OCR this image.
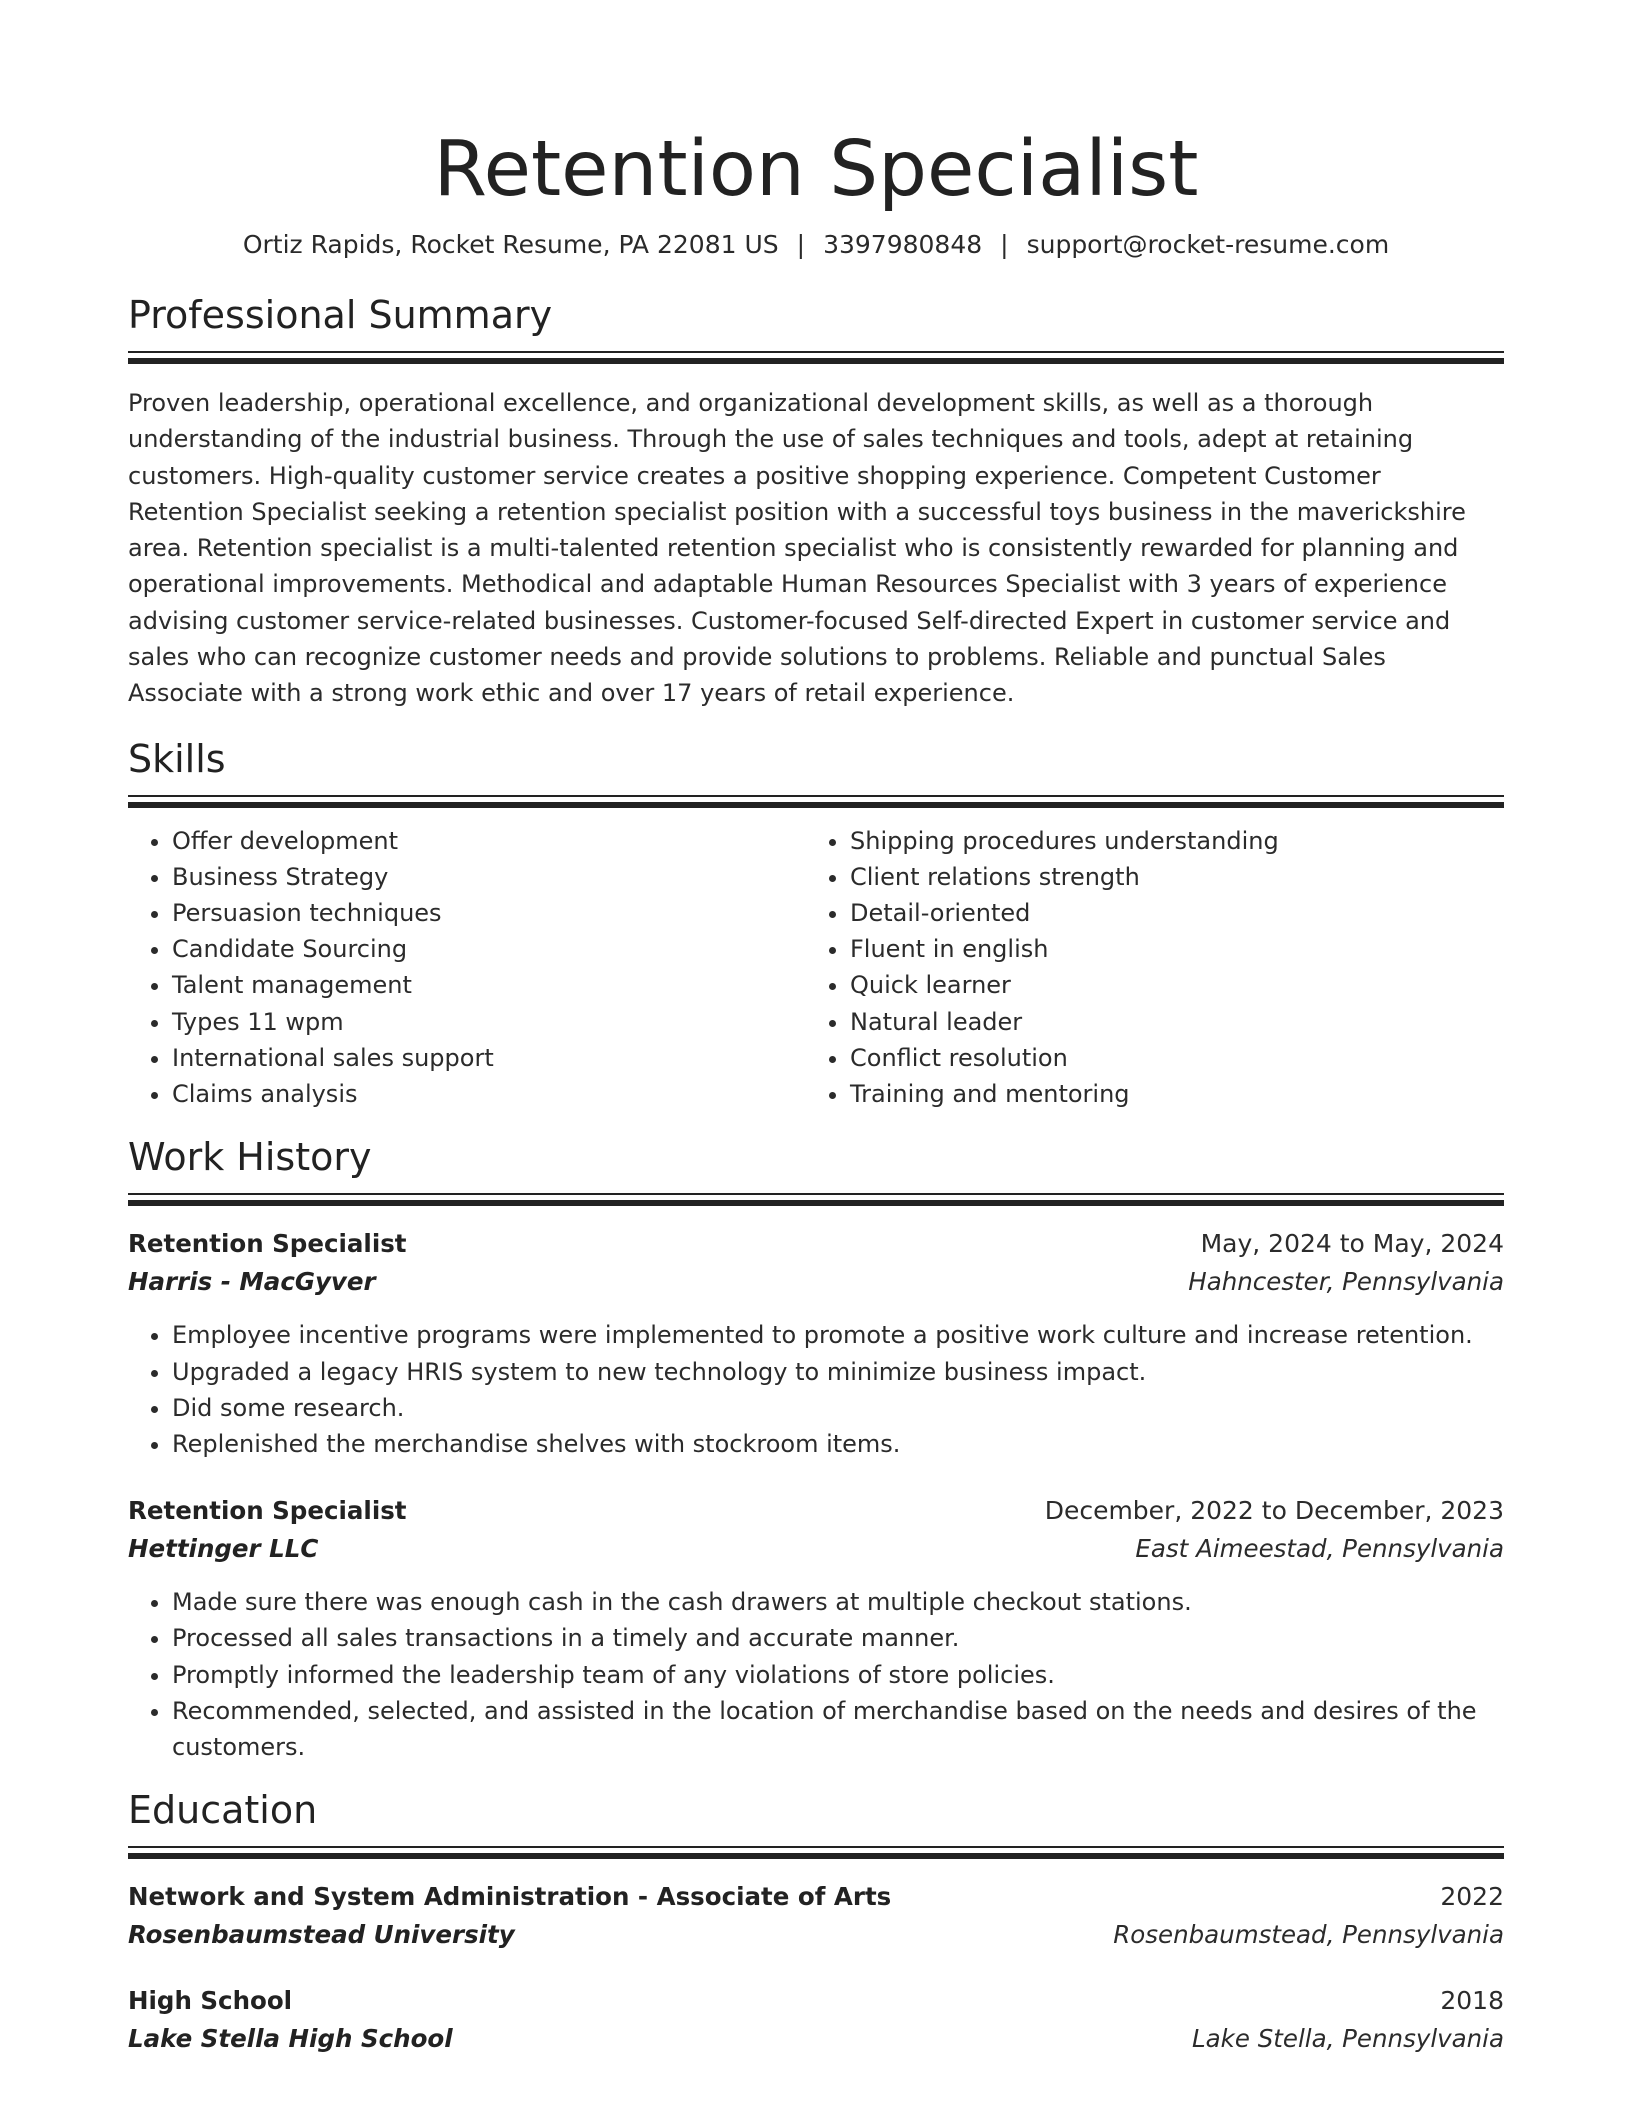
Retention Specialist
Ortiz Rapids, Rocket Resume, PA 22081 US | 3397980848 | support@rocket-resume.com
Professional Summary

Proven leadership, operational excellence, and organizational development skills, as well as a thorough understanding of the industrial business. Through the use of sales techniques and tools, adept at retaining customers. High-quality customer service creates a positive shopping experience. Competent Customer Retention Specialist seeking a retention specialist position with a successful toys business in the maverickshire area. Retention specialist is a multi-talented retention specialist who is consistently rewarded for planning and operational improvements. Methodical and adaptable Human Resources Specialist with 3 years of experience advising customer service-related businesses. Customer-focused Self-directed Expert in customer service and sales who can recognize customer needs and provide solutions to problems. Reliable and punctual Sales Associate with a strong work ethic and over 17 years of retail experience.

Skills
• Offer development
• Business Strategy
• Persuasion techniques
• Candidate Sourcing
• Talent management
• Types 11 wpm
• International sales support
• Claims analysis
• Shipping procedures understanding
• Client relations strength
• Detail-oriented
• Fluent in english
• Quick learner
• Natural leader
• Conflict resolution
• Training and mentoring
Work History
Retention Specialist	May, 2024 to May, 2024
Harris - MacGyver	Hahncester, Pennsylvania
• Employee incentive programs were implemented to promote a positive work culture and increase retention.
• Upgraded a legacy HRIS system to new technology to minimize business impact.
• Did some research.
• Replenished the merchandise shelves with stockroom items.
Retention Specialist	December, 2022 to December, 2023
Hettinger LLC	East Aimeestad, Pennsylvania
• Made sure there was enough cash in the cash drawers at multiple checkout stations.
• Processed all sales transactions in a timely and accurate manner.
• Promptly informed the leadership team of any violations of store policies.
• Recommended, selected, and assisted in the location of merchandise based on the needs and desires of the customers.
Education
Network and System Administration - Associate of Arts	2022
Rosenbaumstead University	Rosenbaumstead, Pennsylvania
High School	2018
Lake Stella High School	Lake Stella, Pennsylvania
